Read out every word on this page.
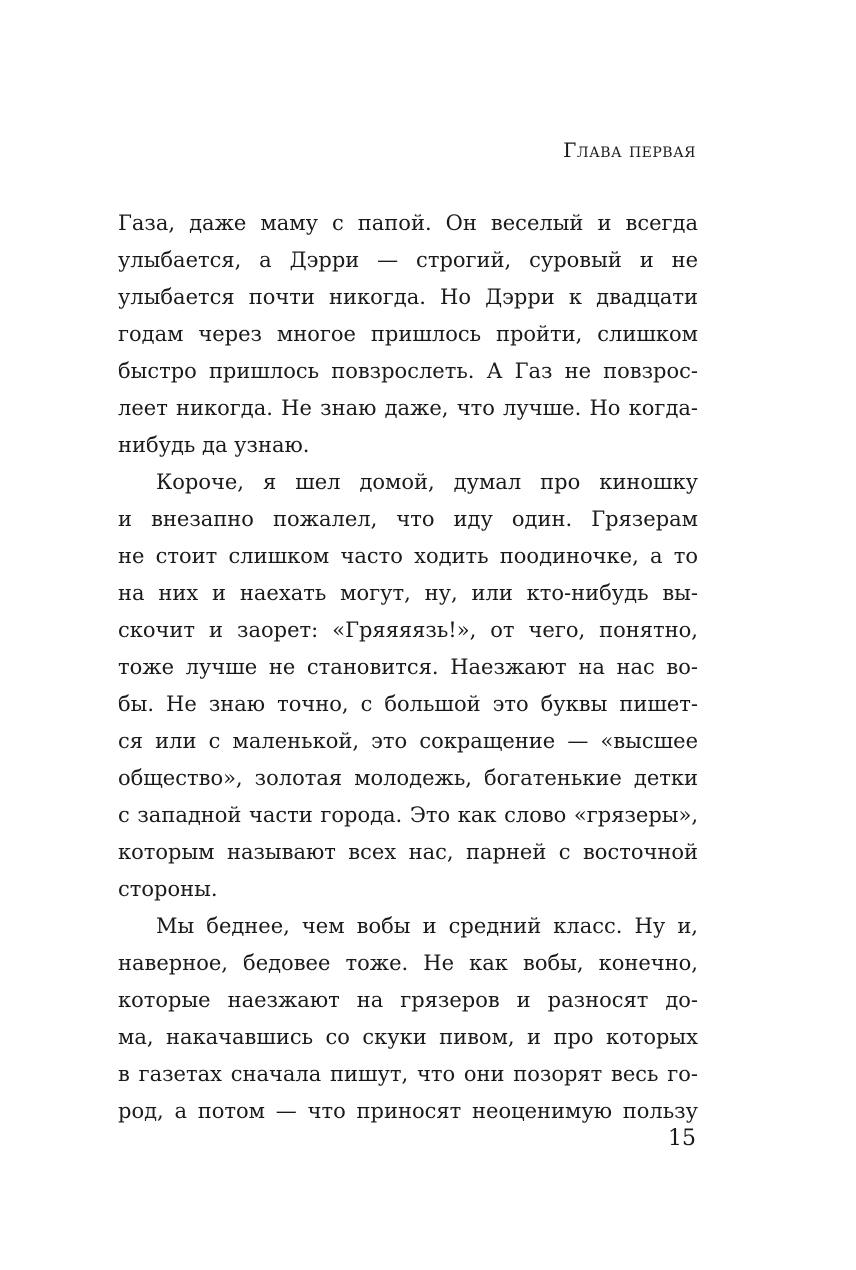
Глава первая
Газа, даже маму с папой. Он веселый и всегда
улыбается, а Дэрри — строгий, суровый и не
улыбается почти никогда. Но Дэрри к двадцати
годам через многое пришлось пройти, слишком
быстро пришлось повзрослеть. А Газ не повзрос-
леет никогда. Не знаю даже, что лучше. Но когда-
нибудь да узнаю.
Короче, я шел домой, думал про киношку
и внезапно пожалел, что иду один. Грязерам
не стоит слишком часто ходить поодиночке, а то
на них и наехать могут, ну, или кто-нибудь вы-
скочит и заорет: «Гряяяязь!», от чего, понятно,
тоже лучше не становится. Наезжают на нас во-
бы. Не знаю точно, с большой это буквы пишет-
ся или с маленькой, это сокращение — «высшее
общество», золотая молодежь, богатенькие детки
с западной части города. Это как слово «грязеры»,
которым называют всех нас, парней с восточной
стороны.
Мы беднее, чем вобы и средний класс. Ну и,
наверное, бедовее тоже. Не как вобы, конечно,
которые наезжают на грязеров и разносят до-
ма, накачавшись со скуки пивом, и про которых
в газетах сначала пишут, что они позорят весь го-
род, а потом — что приносят неоценимую пользу
15
